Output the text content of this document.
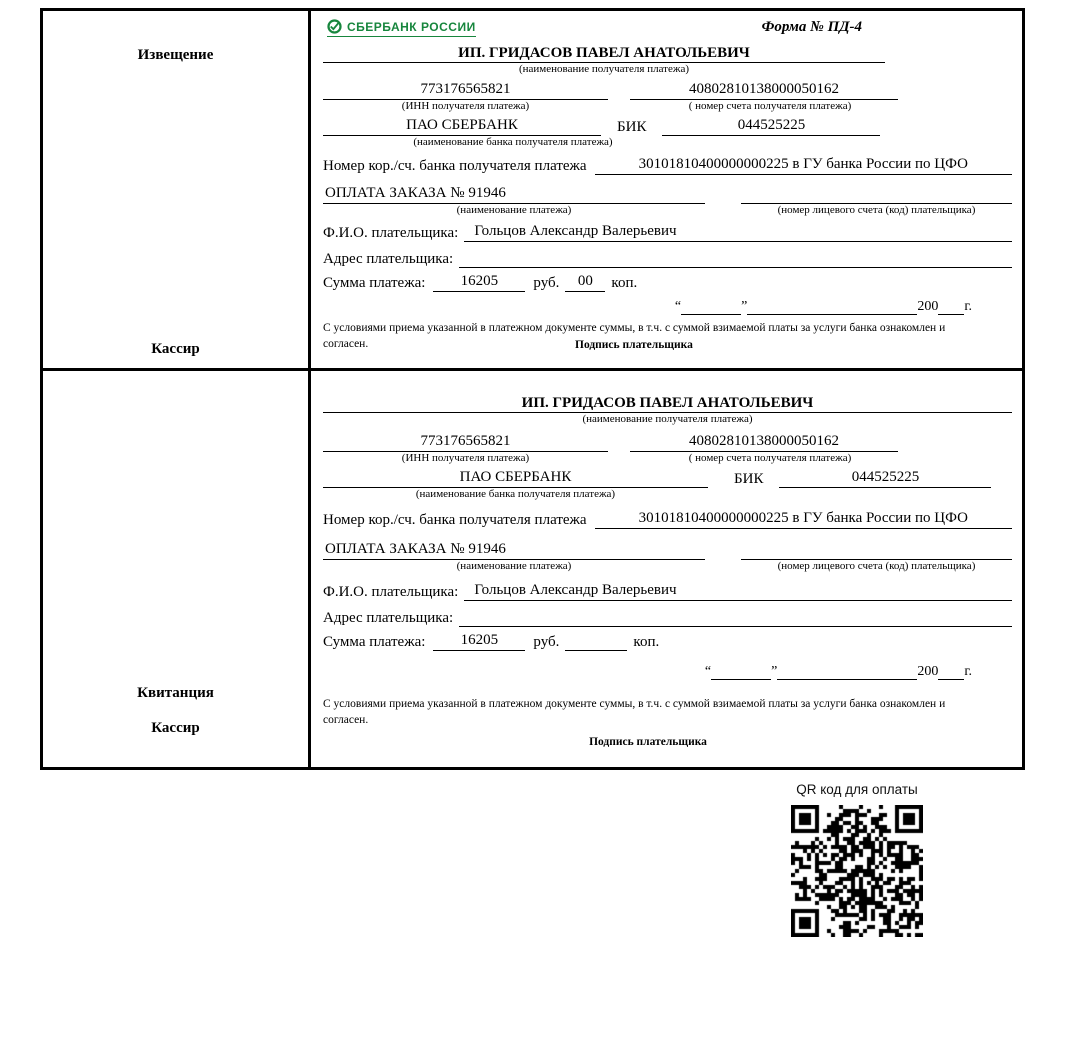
Извещение
Кассир
СБЕРБАНК РОССИИ	Форма № ПД-4
ИП. ГРИДАСОВ ПАВЕЛ АНАТОЛЬЕВИЧ
(наименование получателя платежа)
773176565821	40802810138000050162
(ИНН получателя платежа)	( номер счета получателя платежа)
ПАО СБЕРБАНК	БИК	044525225
(наименование банка получателя платежа)
Номер кор./сч. банка получателя платежа	30101810400000000225 в ГУ банка России по ЦФО
ОПЛАТА ЗАКАЗА № 91946
(наименование платежа)	(номер лицевого счета (код) плательщика)
Ф.И.О. плательщика:	Гольцов Александр Валерьевич
Адрес плательщика:
Сумма платежа:	16205	руб.	00	коп.
“	”	200 г.

С условиями приема указанной в платежном документе суммы, в т.ч. с суммой взимаемой платы за услуги банка ознакомлен и согласен.	Подпись плательщика
Квитанция
Кассир
ИП. ГРИДАСОВ ПАВЕЛ АНАТОЛЬЕВИЧ
(наименование получателя платежа)
773176565821	40802810138000050162
(ИНН получателя платежа)	( номер счета получателя платежа)
ПАО СБЕРБАНК	БИК	044525225
(наименование банка получателя платежа)
Номер кор./сч. банка получателя платежа	30101810400000000225 в ГУ банка России по ЦФО
ОПЛАТА ЗАКАЗА № 91946
(наименование платежа)	(номер лицевого счета (код) плательщика)
Ф.И.О. плательщика:	Гольцов Александр Валерьевич
Адрес плательщика:
Сумма платежа:	16205	руб.	коп.
“	”	200 г.

С условиями приема указанной в платежном документе суммы, в т.ч. с суммой взимаемой платы за услуги банка ознакомлен и согласен.

Подпись плательщика
QR код для оплаты
